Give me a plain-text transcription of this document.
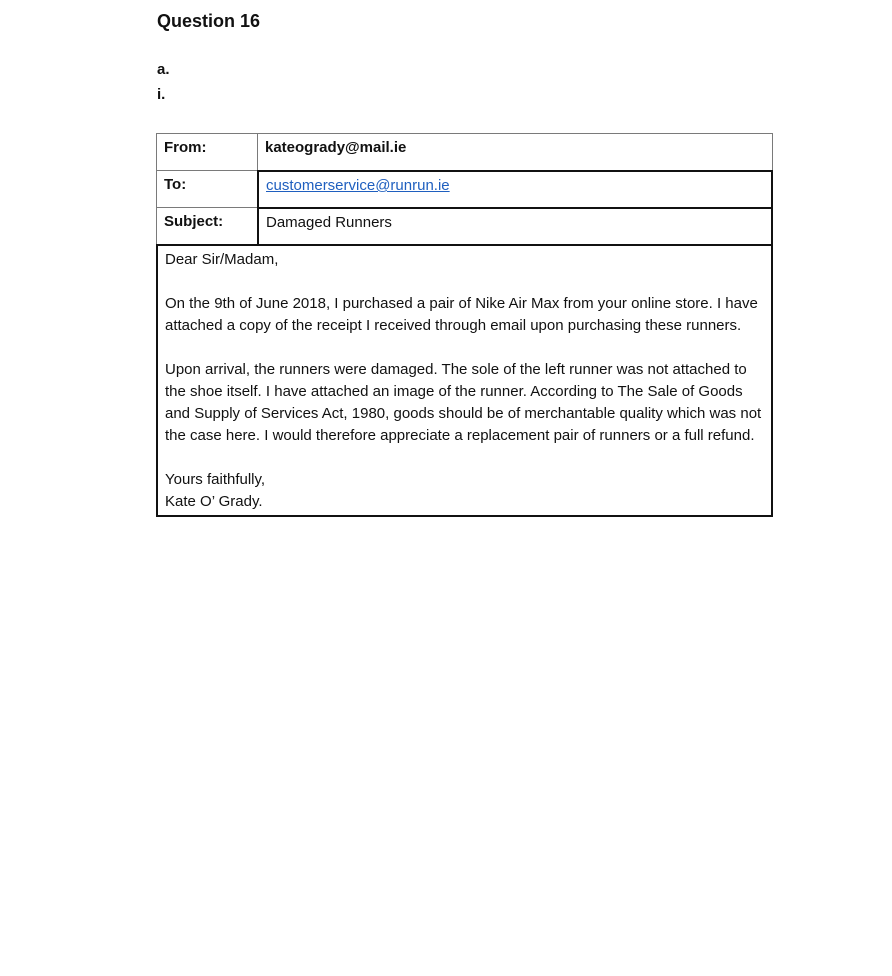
Question 16
a.
i.
From:	kateogrady@mail.ie
To:	customerservice@runrun.ie
Subject:	Damaged Runners

Dear Sir/Madam,

On the 9th of June 2018, I purchased a pair of Nike Air Max from your online store. I have attached a copy of the receipt I received through email upon purchasing these runners.

Upon arrival, the runners were damaged. The sole of the left runner was not attached to the shoe itself. I have attached an image of the runner. According to The Sale of Goods and Supply of Services Act, 1980, goods should be of merchantable quality which was not the case here. I would therefore appreciate a replacement pair of runners or a full refund.

Yours faithfully,

Kate O’ Grady.
